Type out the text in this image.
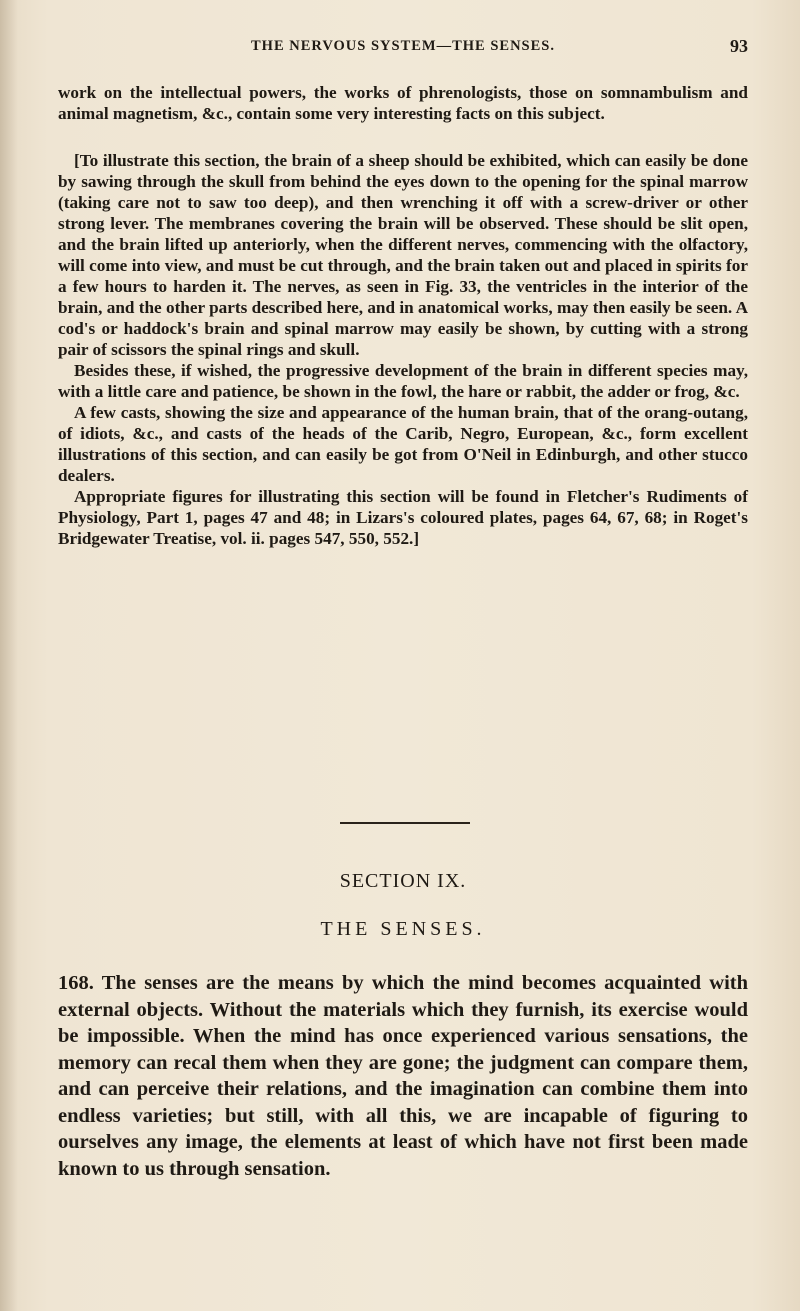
THE NERVOUS SYSTEM—THE SENSES.	93

work on the intellectual powers, the works of phrenologists, those on somnambulism and animal magnetism, &c., contain some very interesting facts on this subject.

[To illustrate this section, the brain of a sheep should be exhibited, which can easily be done by sawing through the skull from behind the eyes down to the opening for the spinal marrow (taking care not to saw too deep), and then wrenching it off with a screw-driver or other strong lever. The membranes covering the brain will be observed. These should be slit open, and the brain lifted up anteriorly, when the different nerves, commencing with the olfactory, will come into view, and must be cut through, and the brain taken out and placed in spirits for a few hours to harden it. The nerves, as seen in Fig. 33, the ventricles in the interior of the brain, and the other parts described here, and in anatomical works, may then easily be seen. A cod's or haddock's brain and spinal marrow may easily be shown, by cutting with a strong pair of scissors the spinal rings and skull.

Besides these, if wished, the progressive development of the brain in different species may, with a little care and patience, be shown in the fowl, the hare or rabbit, the adder or frog, &c.

A few casts, showing the size and appearance of the human brain, that of the orang-outang, of idiots, &c., and casts of the heads of the Carib, Negro, European, &c., form excellent illustrations of this section, and can easily be got from O'Neil in Edinburgh, and other stucco dealers.

Appropriate figures for illustrating this section will be found in Fletcher's Rudiments of Physiology, Part 1, pages 47 and 48; in Lizars's coloured plates, pages 64, 67, 68; in Roget's Bridgewater Treatise, vol. ii. pages 547, 550, 552.]

SECTION IX.
THE SENSES.

168. The senses are the means by which the mind becomes acquainted with external objects. Without the materials which they furnish, its exercise would be impossible. When the mind has once experienced various sensations, the memory can recal them when they are gone; the judgment can compare them, and can perceive their relations, and the imagination can combine them into endless varieties; but still, with all this, we are incapable of figuring to ourselves any image, the elements at least of which have not first been made known to us through sensation.
